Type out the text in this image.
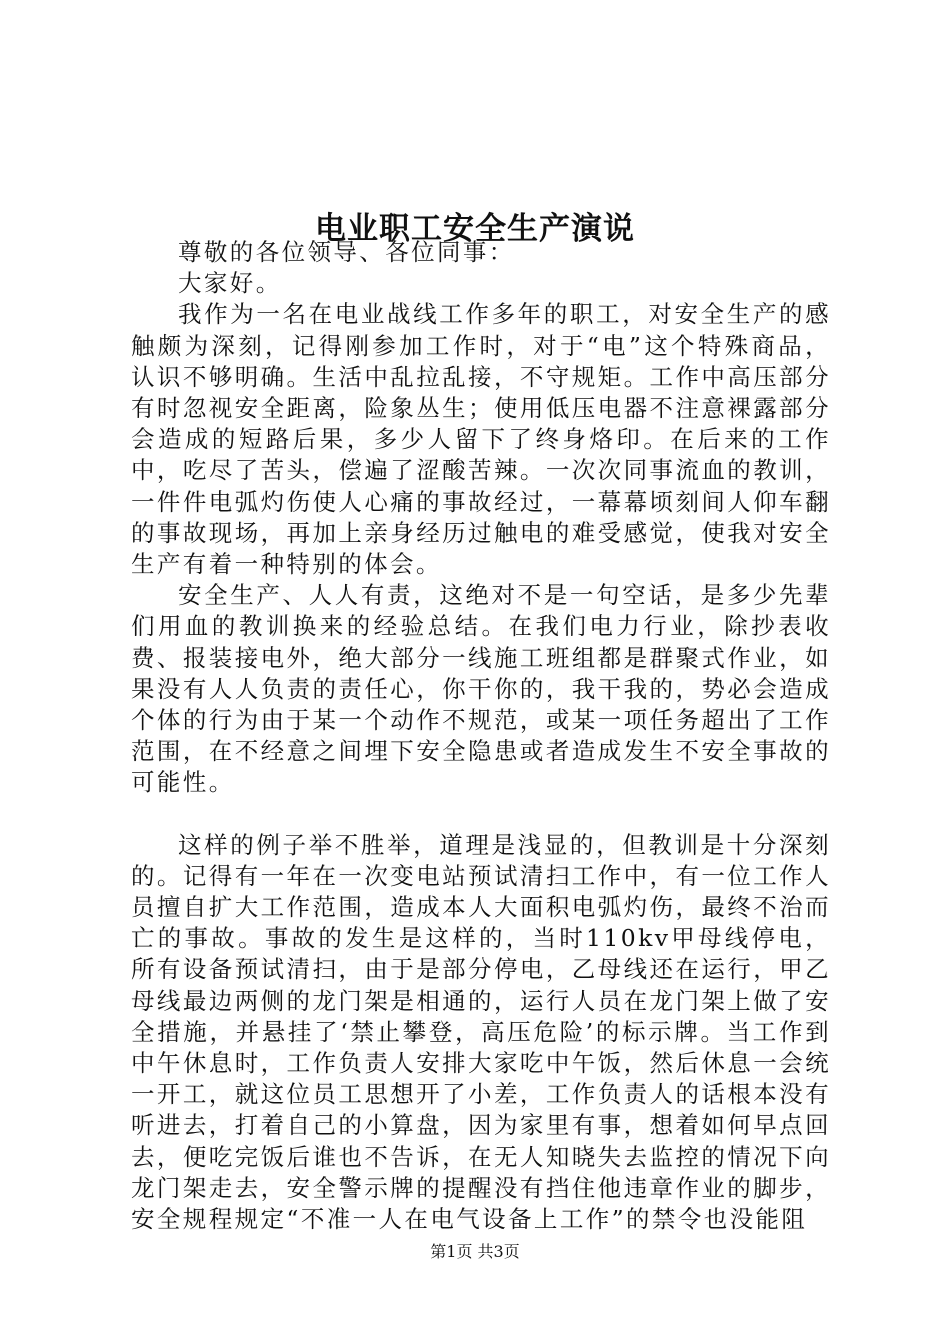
电业职工安全生产演说

尊敬的各位领导、各位同事：

大家好。

我作为一名在电业战线工作多年的职工，对安全生产的感触颇为深刻，记得刚参加工作时，对于“电”这个特殊商品，认识不够明确。生活中乱拉乱接，不守规矩。工作中高压部分有时忽视安全距离，险象丛生；使用低压电器不注意裸露部分会造成的短路后果，多少人留下了终身烙印。在后来的工作中，吃尽了苦头，偿遍了涩酸苦辣。一次次同事流血的教训，一件件电弧灼伤使人心痛的事故经过，一幕幕顷刻间人仰车翻的事故现场，再加上亲身经历过触电的难受感觉，使我对安全生产有着一种特别的体会。

安全生产、人人有责，这绝对不是一句空话，是多少先辈们用血的教训换来的经验总结。在我们电力行业，除抄表收费、报装接电外，绝大部分一线施工班组都是群聚式作业，如果没有人人负责的责任心，你干你的，我干我的，势必会造成个体的行为由于某一个动作不规范，或某一项任务超出了工作范围，在不经意之间埋下安全隐患或者造成发生不安全事故的可能性。

这样的例子举不胜举，道理是浅显的，但教训是十分深刻的。记得有一年在一次变电站预试清扫工作中，有一位工作人员擅自扩大工作范围，造成本人大面积电弧灼伤，最终不治而亡的事故。事故的发生是这样的，当时110kv甲母线停电，所有设备预试清扫，由于是部分停电，乙母线还在运行，甲乙母线最边两侧的龙门架是相通的，运行人员在龙门架上做了安全措施，并悬挂了‘禁止攀登，高压危险’的标示牌。当工作到中午休息时，工作负责人安排大家吃中午饭，然后休息一会统一开工，就这位员工思想开了小差，工作负责人的话根本没有听进去，打着自己的小算盘，因为家里有事，想着如何早点回去，便吃完饭后谁也不告诉，在无人知晓失去监控的情况下向龙门架走去，安全警示牌的提醒没有挡住他违章作业的脚步，安全规程规定“不准一人在电气设备上工作”的禁令也没能阻

第1页 共3页
